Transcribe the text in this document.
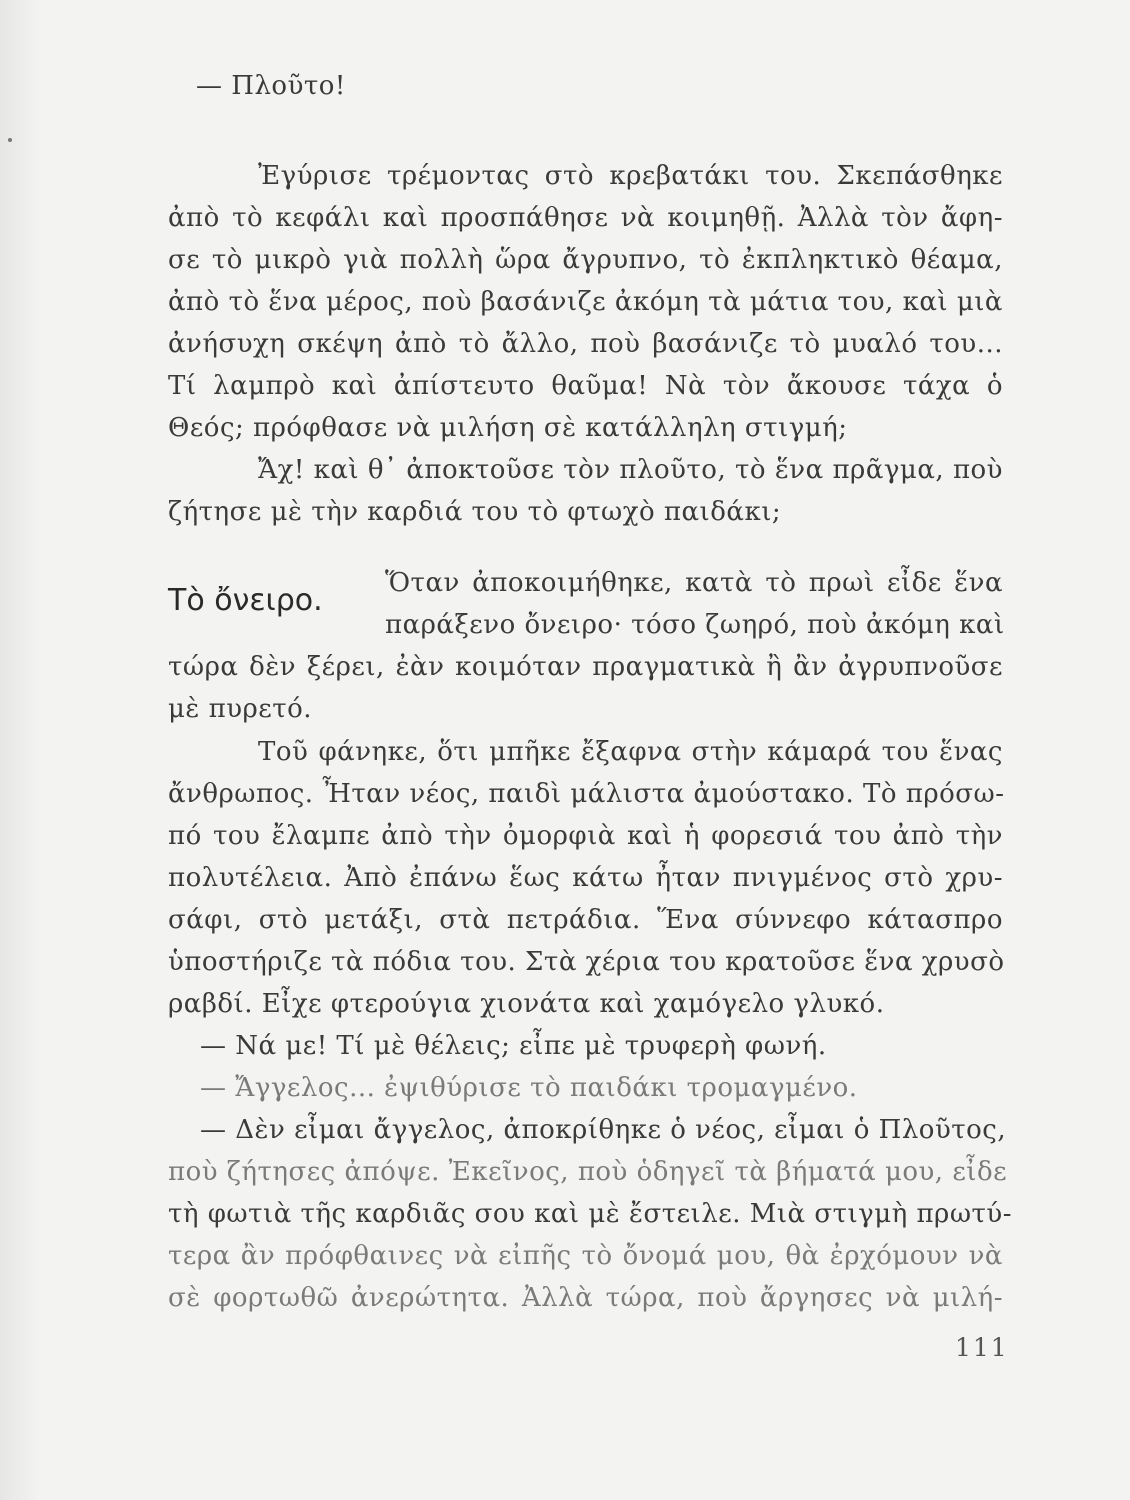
— Πλοῦτο!
Ἐγύρισε τρέμοντας στὸ κρεβατάκι του. Σκεπάσθηκε
ἀπὸ τὸ κεφάλι καὶ προσπάθησε νὰ κοιμηθῇ. Ἀλλὰ τὸν ἄφη-
σε τὸ μικρὸ γιὰ πολλὴ ὥρα ἄγρυπνο, τὸ ἐκπληκτικὸ θέαμα,
ἀπὸ τὸ ἕνα μέρος, ποὺ βασάνιζε ἀκόμη τὰ μάτια του, καὶ μιὰ
ἀνήσυχη σκέψη ἀπὸ τὸ ἄλλο, ποὺ βασάνιζε τὸ μυαλό του...
Τί λαμπρὸ καὶ ἀπίστευτο θαῦμα! Νὰ τὸν ἄκουσε τάχα ὁ
Θεός; πρόφθασε νὰ μιλήση σὲ κατάλληλη στιγμή;
Ἄχ! καὶ θ᾽ ἀποκτοῦσε τὸν πλοῦτο, τὸ ἕνα πρᾶγμα, ποὺ
ζήτησε μὲ τὴν καρδιά του τὸ φτωχὸ παιδάκι;
Τὸ ὄνειρο. Ὅταν ἀποκοιμήθηκε, κατὰ τὸ πρωὶ εἶδε ἕνα
παράξενο ὄνειρο· τόσο ζωηρό, ποὺ ἀκόμη καὶ
τώρα δὲν ξέρει, ἐὰν κοιμόταν πραγματικὰ ἢ ἂν ἀγρυπνοῦσε
μὲ πυρετό.
Τοῦ φάνηκε, ὅτι μπῆκε ἔξαφνα στὴν κάμαρά του ἕνας
ἄνθρωπος. Ἦταν νέος, παιδὶ μάλιστα ἀμούστακο. Τὸ πρόσω-
πό του ἔλαμπε ἀπὸ τὴν ὀμορφιὰ καὶ ἡ φορεσιά του ἀπὸ τὴν
πολυτέλεια. Ἀπὸ ἐπάνω ἕως κάτω ἦταν πνιγμένος στὸ χρυ-
σάφι, στὸ μετάξι, στὰ πετράδια. Ἕνα σύννεφο κάτασπρο
ὑποστήριζε τὰ πόδια του. Στὰ χέρια του κρατοῦσε ἕνα χρυσὸ
ραβδί. Εἶχε φτερούγια χιονάτα καὶ χαμόγελο γλυκό.
— Νά με! Τί μὲ θέλεις; εἶπε μὲ τρυφερὴ φωνή.
— Ἄγγελος... ἐψιθύρισε τὸ παιδάκι τρομαγμένο.
— Δὲν εἶμαι ἄγγελος, ἀποκρίθηκε ὁ νέος, εἶμαι ὁ Πλοῦτος,
ποὺ ζήτησες ἀπόψε. Ἐκεῖνος, ποὺ ὁδηγεῖ τὰ βήματά μου, εἶδε
τὴ φωτιὰ τῆς καρδιᾶς σου καὶ μὲ ἔστειλε. Μιὰ στιγμὴ πρωτύ-
τερα ἂν πρόφθαινες νὰ εἰπῆς τὸ ὄνομά μου, θὰ ἐρχόμουν νὰ
σὲ φορτωθῶ ἀνερώτητα. Ἀλλὰ τώρα, ποὺ ἄργησες νὰ μιλή-
111
